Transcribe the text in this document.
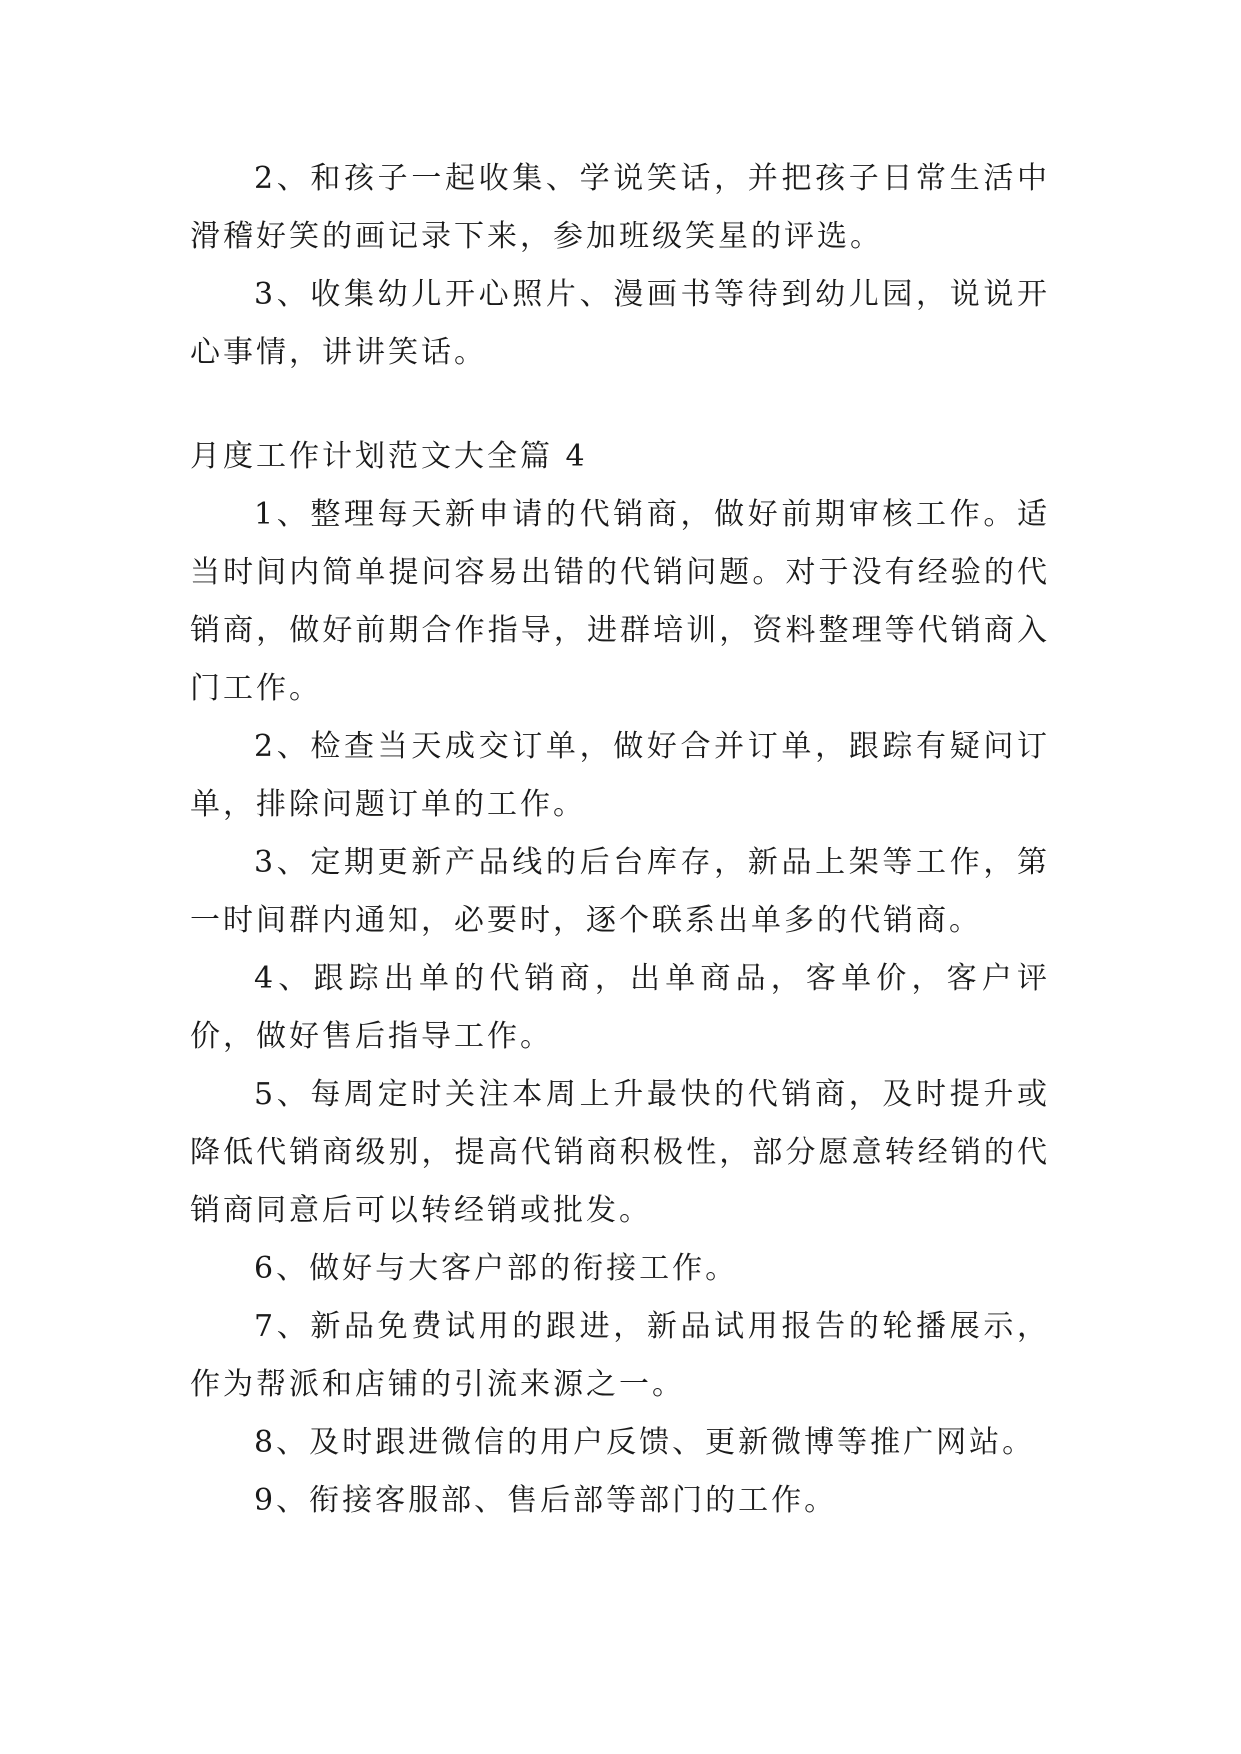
2、和孩子一起收集、学说笑话，并把孩子日常生活中滑稽好笑的画记录下来，参加班级笑星的评选。

3、收集幼儿开心照片、漫画书等待到幼儿园，说说开心事情，讲讲笑话。

月度工作计划范文大全篇 4

1、整理每天新申请的代销商，做好前期审核工作。适当时间内简单提问容易出错的代销问题。对于没有经验的代销商，做好前期合作指导，进群培训，资料整理等代销商入门工作。

2、检查当天成交订单，做好合并订单，跟踪有疑问订单，排除问题订单的工作。

3、定期更新产品线的后台库存，新品上架等工作，第一时间群内通知，必要时，逐个联系出单多的代销商。

4、跟踪出单的代销商，出单商品，客单价，客户评价，做好售后指导工作。

5、每周定时关注本周上升最快的代销商，及时提升或降低代销商级别，提高代销商积极性，部分愿意转经销的代销商同意后可以转经销或批发。

6、做好与大客户部的衔接工作。

7、新品免费试用的跟进，新品试用报告的轮播展示，作为帮派和店铺的引流来源之一。

8、及时跟进微信的用户反馈、更新微博等推广网站。

9、衔接客服部、售后部等部门的工作。
